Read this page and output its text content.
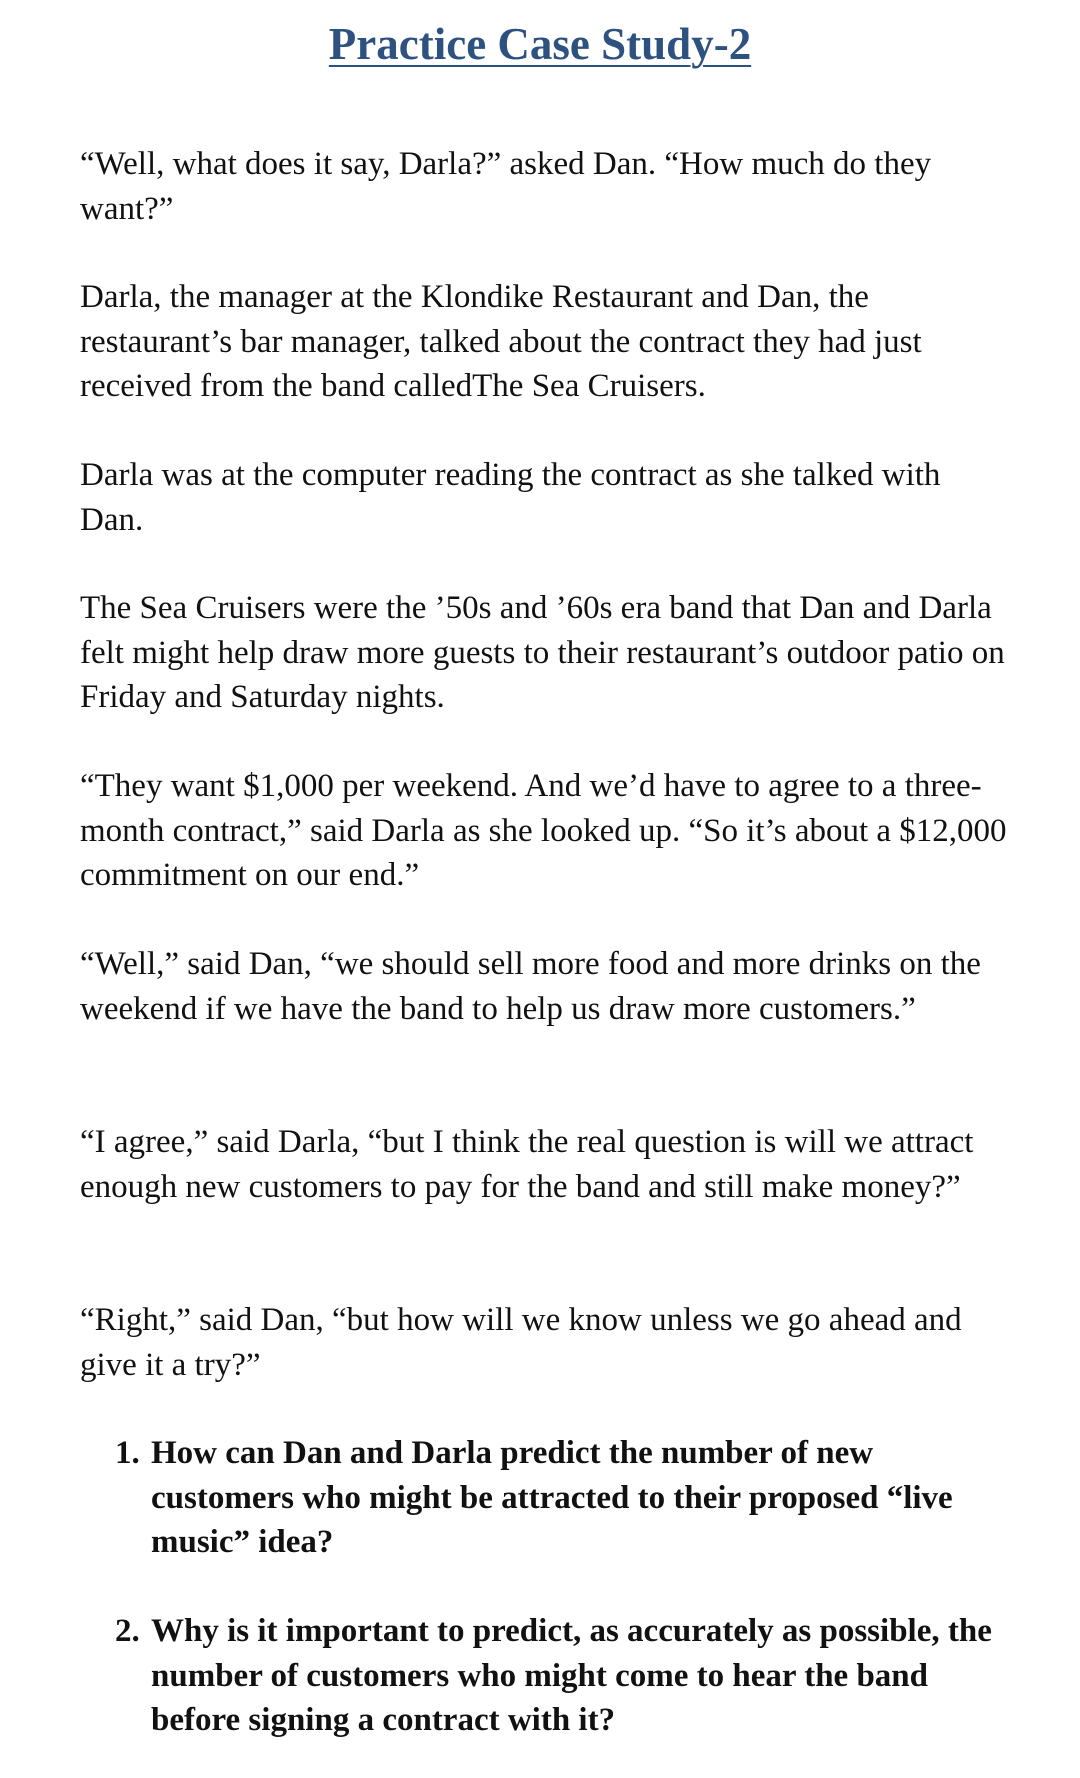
Practice Case Study-2

“Well, what does it say, Darla?” asked Dan. “How much do they want?”

Darla, the manager at the Klondike Restaurant and Dan, the restaurant’s bar manager, talked about the contract they had just received from the band calledThe Sea Cruisers.

Darla was at the computer reading the contract as she talked with Dan.

The Sea Cruisers were the ’50s and ’60s era band that Dan and Darla felt might help draw more guests to their restaurant’s outdoor patio on Friday and Saturday nights.

“They want $1,000 per weekend. And we’d have to agree to a three-month contract,” said Darla as she looked up. “So it’s about a $12,000 commitment on our end.”

“Well,” said Dan, “we should sell more food and more drinks on the weekend if we have the band to help us draw more customers.”

“I agree,” said Darla, “but I think the real question is will we attract enough new customers to pay for the band and still make money?”

“Right,” said Dan, “but how will we know unless we go ahead and give it a try?”

1. How can Dan and Darla predict the number of new customers who might be attracted to their proposed “live music” idea?
2. Why is it important to predict, as accurately as possible, the number of customers who might come to hear the band before signing a contract with it?
